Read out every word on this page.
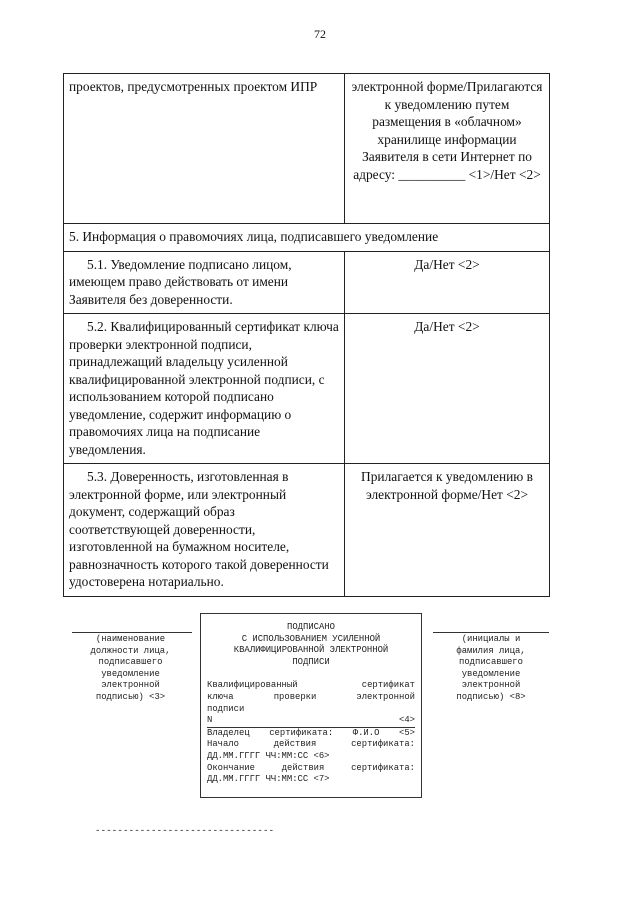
72
проектов, предусмотренных проектом ИПР	электронной форме/Прилагаются к уведомлению путем размещения в «облачном» хранилище информации Заявителя в сети Интернет по адресу: __________ <1>/Нет <2>
5. Информация о правомочиях лица, подписавшего уведомление	

5.1. Уведомление подписано лицом, имеющем право действовать от имени Заявителя без доверенности.	Да/Нет <2>

5.2. Квалифицированный сертификат ключа проверки электронной подписи, принадлежащий владельцу усиленной квалифицированной электронной подписи, с использованием которой подписано уведомление, содержит информацию о правомочиях лица на подписание уведомления.	Да/Нет <2>

5.3. Доверенность, изготовленная в электронной форме, или электронный документ, содержащий образ соответствующей доверенности, изготовленной на бумажном носителе, равнозначность которого такой доверенности удостоверена нотариально.	Прилагается к уведомлению в электронной форме/Нет <2>
(наименование
должности лица,
подписавшего
уведомление
электронной
подписью) <3>
ПОДПИСАНО
С ИСПОЛЬЗОВАНИЕМ УСИЛЕННОЙ
КВАЛИФИЦИРОВАННОЙ ЭЛЕКТРОННОЙ
ПОДПИСИ
Квалифицированный сертификат
ключа проверки электронной
подписи
N	<4>
Владелец сертификата: Ф.И.О <5>
Начало действия сертификата:
ДД.ММ.ГГГГ ЧЧ:ММ:СС <6>
Окончание действия сертификата:
ДД.ММ.ГГГГ ЧЧ:ММ:СС <7>
(инициалы и
фамилия лица,
подписавшего
уведомление
электронной
подписью) <8>
--------------------------------
